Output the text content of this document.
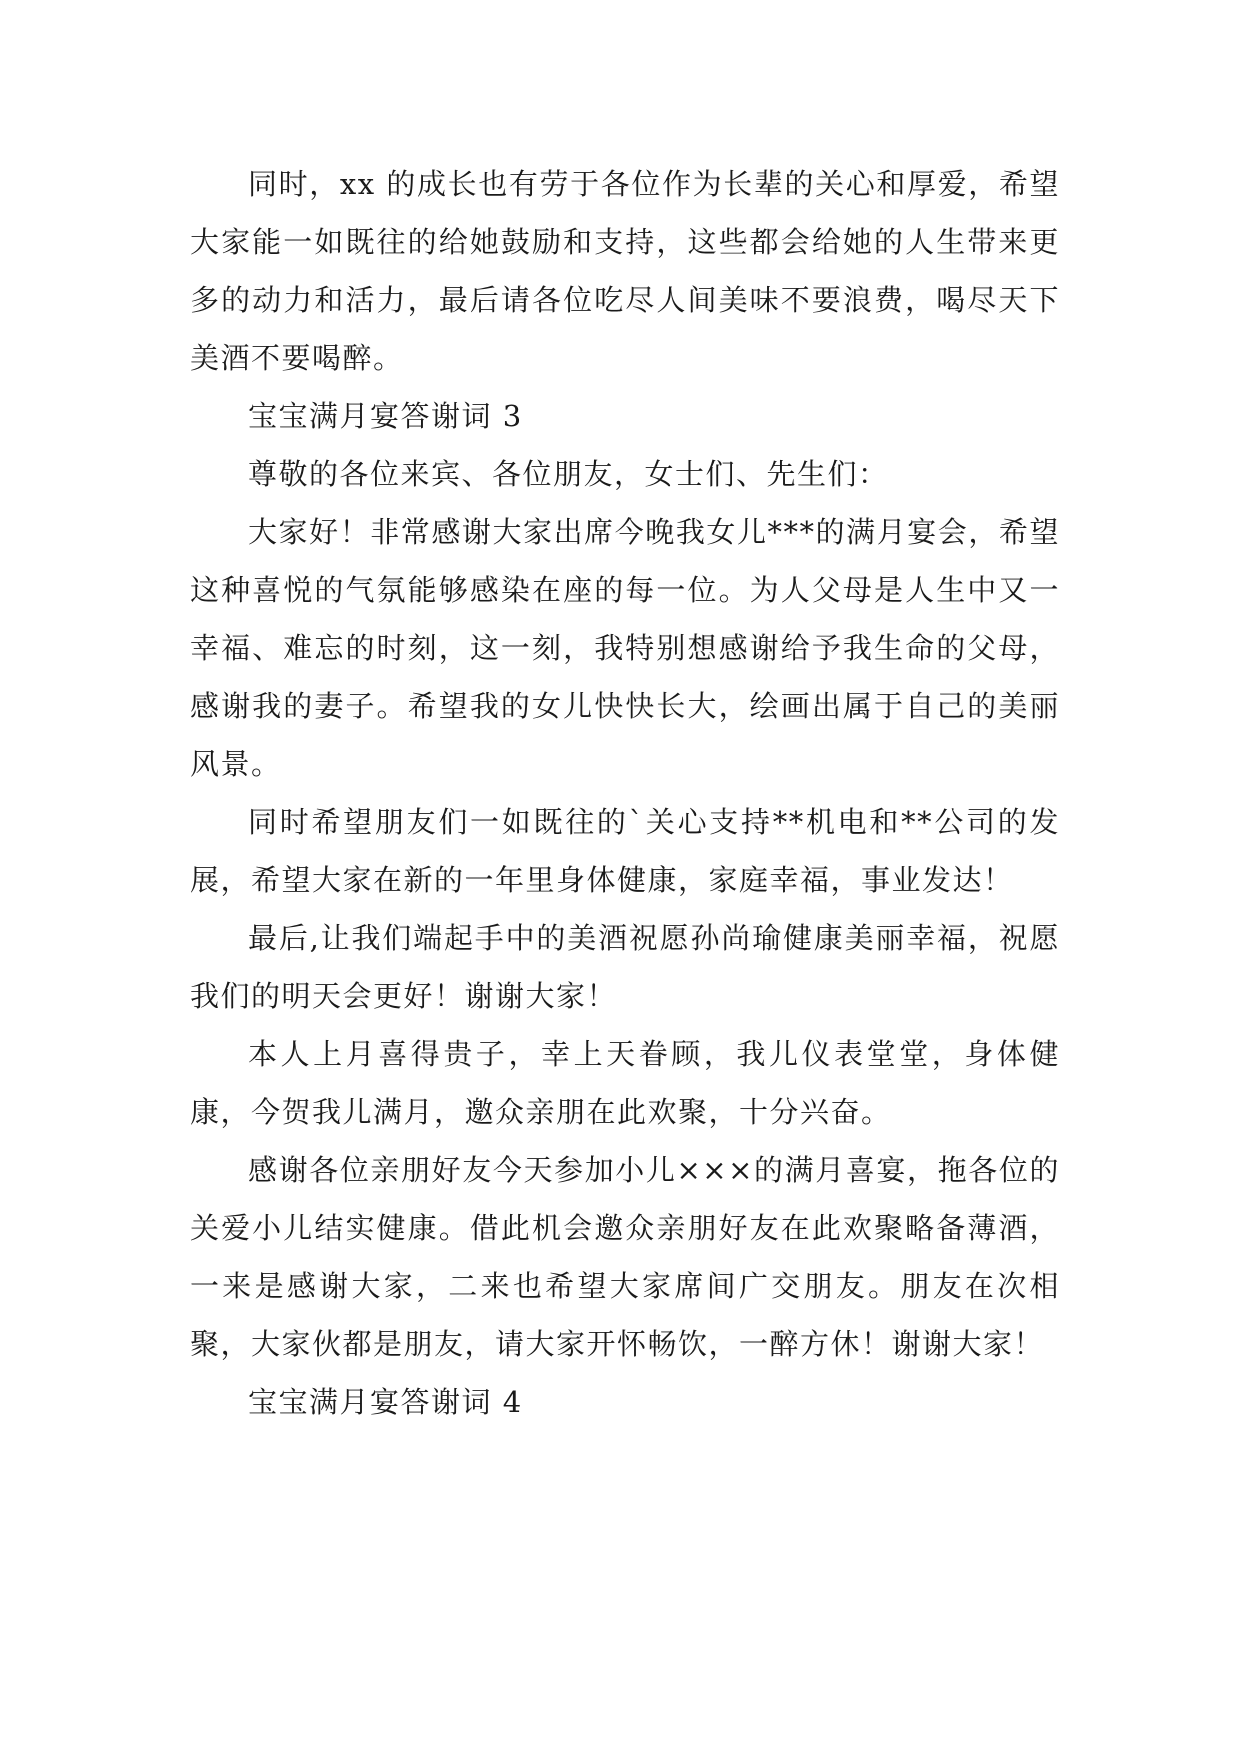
同时，xx 的成长也有劳于各位作为长辈的关心和厚爱，希望大家能一如既往的给她鼓励和支持，这些都会给她的人生带来更多的动力和活力，最后请各位吃尽人间美味不要浪费，喝尽天下美酒不要喝醉。

宝宝满月宴答谢词 3

尊敬的各位来宾、各位朋友，女士们、先生们：

大家好！非常感谢大家出席今晚我女儿***的满月宴会，希望这种喜悦的气氛能够感染在座的每一位。为人父母是人生中又一幸福、难忘的时刻，这一刻，我特别想感谢给予我生命的父母，感谢我的妻子。希望我的女儿快快长大，绘画出属于自己的美丽风景。

同时希望朋友们一如既往的`关心支持**机电和**公司的发展，希望大家在新的一年里身体健康，家庭幸福，事业发达！

最后,让我们端起手中的美酒祝愿孙尚瑜健康美丽幸福，祝愿我们的明天会更好！谢谢大家！

本人上月喜得贵子，幸上天眷顾，我儿仪表堂堂，身体健康，今贺我儿满月，邀众亲朋在此欢聚，十分兴奋。

感谢各位亲朋好友今天参加小儿×××的满月喜宴，拖各位的关爱小儿结实健康。借此机会邀众亲朋好友在此欢聚略备薄酒，一来是感谢大家，二来也希望大家席间广交朋友。朋友在次相聚，大家伙都是朋友，请大家开怀畅饮，一醉方休！谢谢大家！

宝宝满月宴答谢词 4
